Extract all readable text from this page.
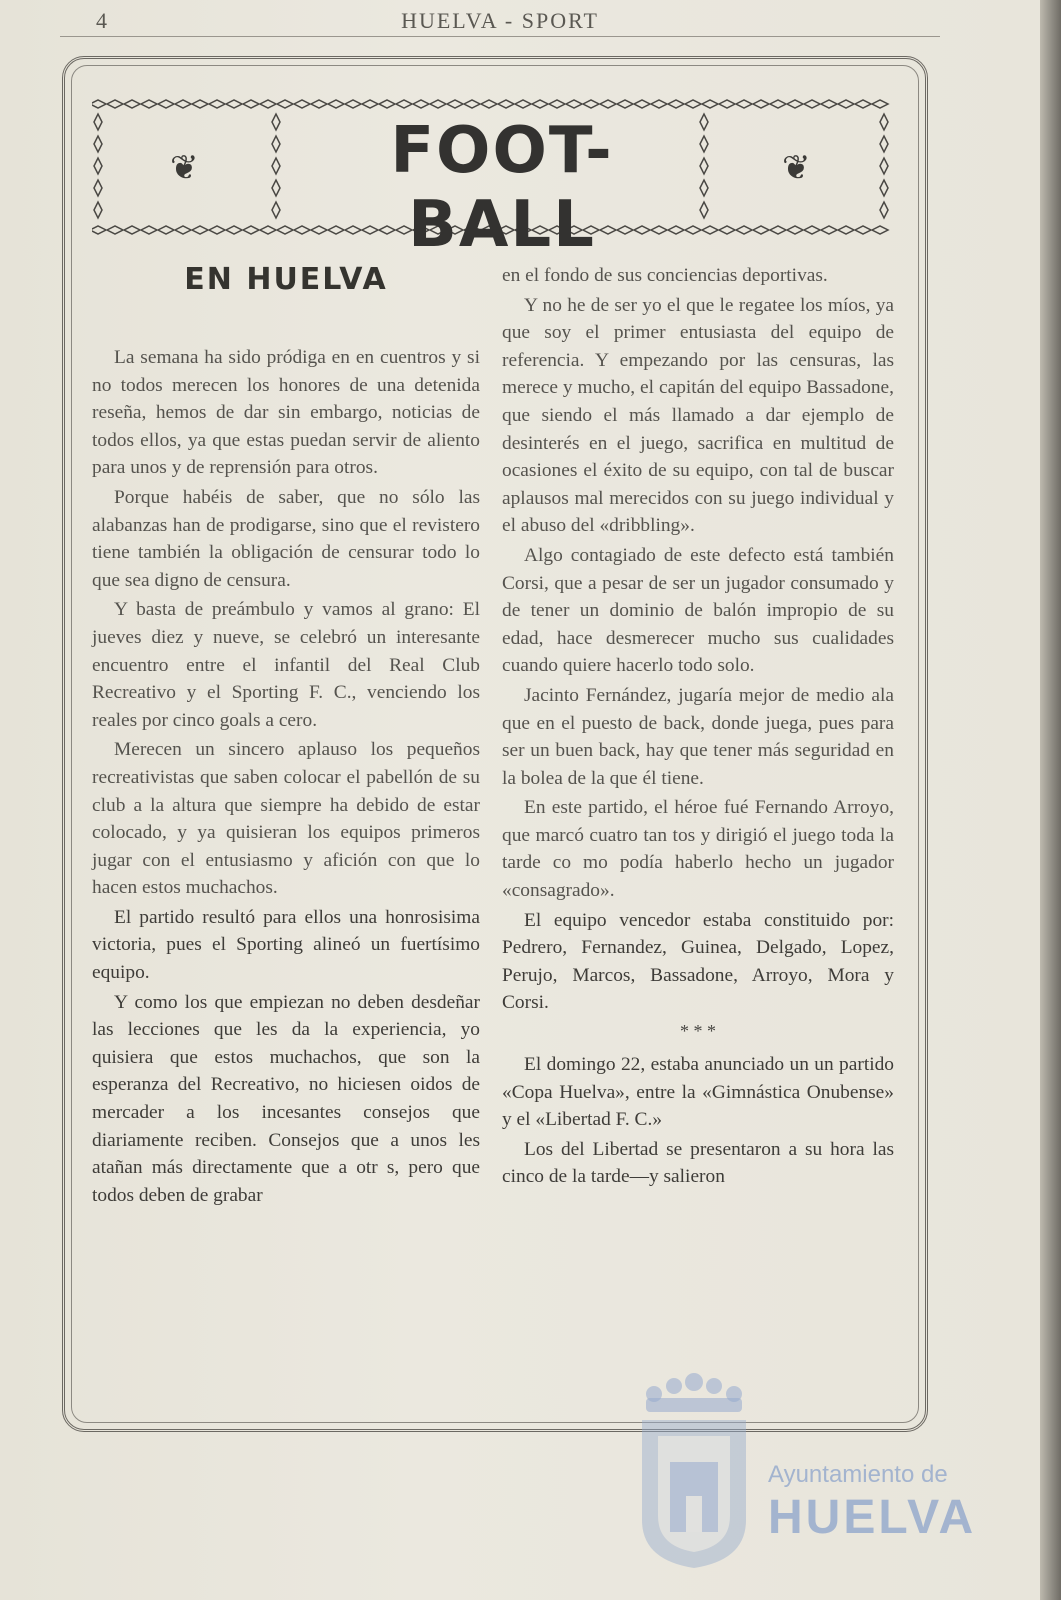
4	HUELVA - SPORT
❦	FOOT-BALL
❦
EN HUELVA

La semana ha sido pródiga en en cuentros y si no todos merecen los honores de una detenida reseña, hemos de dar sin embargo, noticias de todos ellos, ya que estas puedan servir de aliento para unos y de reprensión para otros.

Porque habéis de saber, que no sólo las alabanzas han de prodigarse, sino que el revistero tiene también la obligación de censurar todo lo que sea digno de censura.

Y basta de preámbulo y vamos al grano: El jueves diez y nueve, se celebró un interesante encuentro entre el infantil del Real Club Recreativo y el Sporting F. C., venciendo los reales por cinco goals a cero.

Merecen un sincero aplauso los pequeños recreativistas que saben colocar el pabellón de su club a la altura que siempre ha debido de estar colocado, y ya quisieran los equipos primeros jugar con el entusiasmo y afición con que lo hacen estos muchachos.

El partido resultó para ellos una honrosisima victoria, pues el Sporting alineó un fuertísimo equipo.

Y como los que empiezan no deben desdeñar las lecciones que les da la experiencia, yo quisiera que estos muchachos, que son la esperanza del Recreativo, no hiciesen oidos de mercader a los incesantes consejos que diariamente reciben. Consejos que a unos les atañan más directamente que a otr s, pero que todos deben de grabar

en el fondo de sus conciencias deportivas.

Y no he de ser yo el que le regatee los míos, ya que soy el primer entusiasta del equipo de referencia. Y empezando por las censuras, las merece y mucho, el capitán del equipo Bassadone, que siendo el más llamado a dar ejemplo de desinterés en el juego, sacrifica en multitud de ocasiones el éxito de su equipo, con tal de buscar aplausos mal merecidos con su juego individual y el abuso del «dribbling».

Algo contagiado de este defecto está también Corsi, que a pesar de ser un jugador consumado y de tener un dominio de balón impropio de su edad, hace desmerecer mucho sus cualidades cuando quiere hacerlo todo solo.

Jacinto Fernández, jugaría mejor de medio ala que en el puesto de back, donde juega, pues para ser un buen back, hay que tener más seguridad en la bolea de la que él tiene.

En este partido, el héroe fué Fernando Arroyo, que marcó cuatro tan tos y dirigió el juego toda la tarde co mo podía haberlo hecho un jugador «consagrado».

El equipo vencedor estaba constituido por: Pedrero, Fernandez, Guinea, Delgado, Lopez, Perujo, Marcos, Bassadone, Arroyo, Mora y Corsi.

* * *

El domingo 22, estaba anunciado un un partido «Copa Huelva», entre la «Gimnástica Onubense» y el «Libertad F. C.»

Los del Libertad se presentaron a su hora las cinco de la tarde—y salieron

Ayuntamiento de
HUELVA
